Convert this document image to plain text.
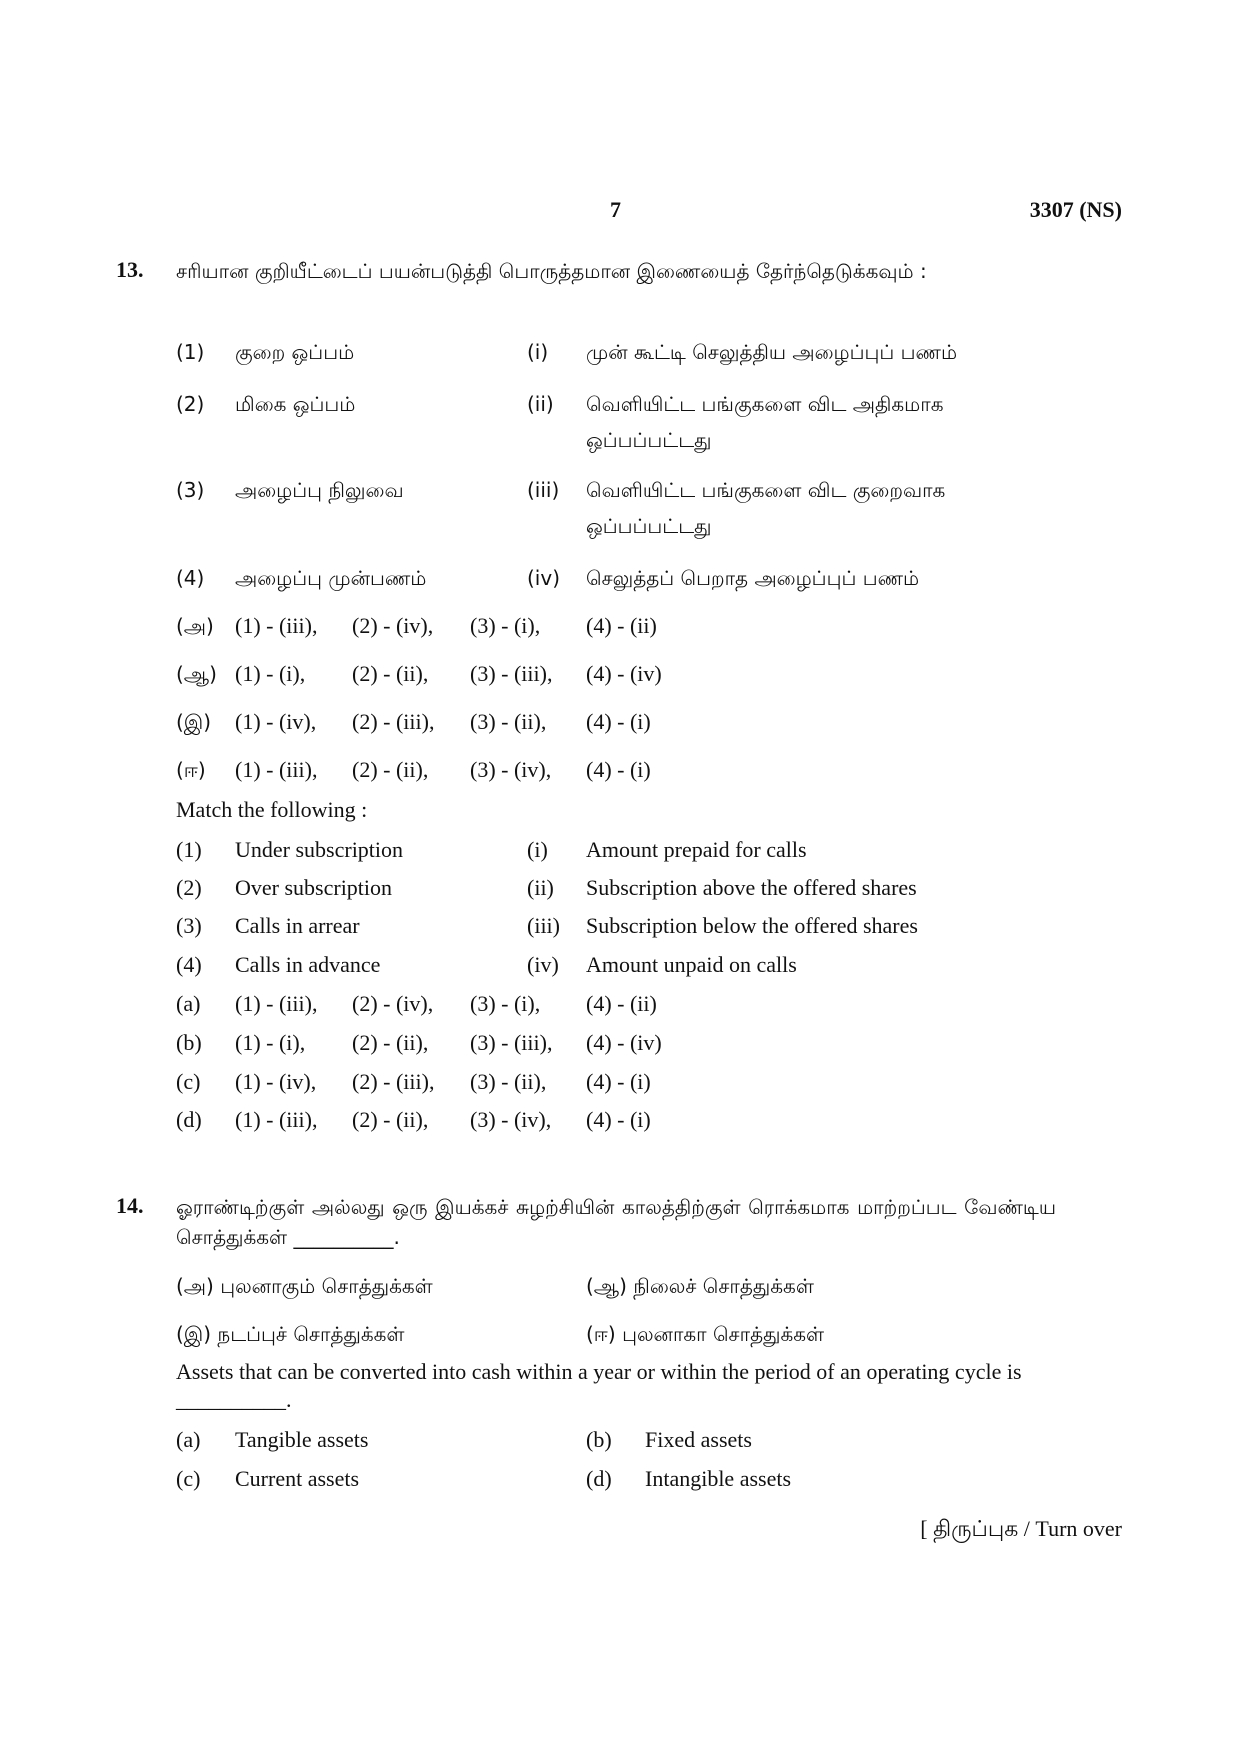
7	3307 (NS)
13. சரியான குறியீட்டைப் பயன்படுத்தி பொருத்தமான இணையைத் தேர்ந்தெடுக்கவும் :
(1) குறை ஒப்பம்	(i) முன் கூட்டி செலுத்திய அழைப்புப் பணம்
(2) மிகை ஒப்பம்	(ii) வெளியிட்ட பங்குகளை விட அதிகமாக ஒப்பப்பட்டது
(3) அழைப்பு நிலுவை	(iii) வெளியிட்ட பங்குகளை விட குறைவாக ஒப்பப்பட்டது
(4) அழைப்பு முன்பணம்	(iv) செலுத்தப் பெறாத அழைப்புப் பணம்
(அ) (1) - (iii), (2) - (iv), (3) - (i), (4) - (ii)
(ஆ) (1) - (i), (2) - (ii), (3) - (iii), (4) - (iv)
(இ) (1) - (iv), (2) - (iii), (3) - (ii), (4) - (i)
(ஈ) (1) - (iii), (2) - (ii), (3) - (iv), (4) - (i)
Match the following :
(1) Under subscription	(i) Amount prepaid for calls
(2) Over subscription	(ii) Subscription above the offered shares
(3) Calls in arrear	(iii) Subscription below the offered shares
(4) Calls in advance	(iv) Amount unpaid on calls
(a) (1) - (iii), (2) - (iv), (3) - (i), (4) - (ii)
(b) (1) - (i), (2) - (ii), (3) - (iii), (4) - (iv)
(c) (1) - (iv), (2) - (iii), (3) - (ii), (4) - (i)
(d) (1) - (iii), (2) - (ii), (3) - (iv), (4) - (i)
14. ஓராண்டிற்குள் அல்லது ஒரு இயக்கச் சுழற்சியின் காலத்திற்குள் ரொக்கமாக மாற்றப்பட வேண்டிய சொத்துக்கள் __________.
(அ) புலனாகும் சொத்துக்கள்	(ஆ) நிலைச் சொத்துக்கள்
(இ) நடப்புச் சொத்துக்கள்	(ஈ) புலனாகா சொத்துக்கள்
Assets that can be converted into cash within a year or within the period of an operating cycle is __________.
(a) Tangible assets	(b) Fixed assets
(c) Current assets	(d) Intangible assets
[ திருப்புக / Turn over
